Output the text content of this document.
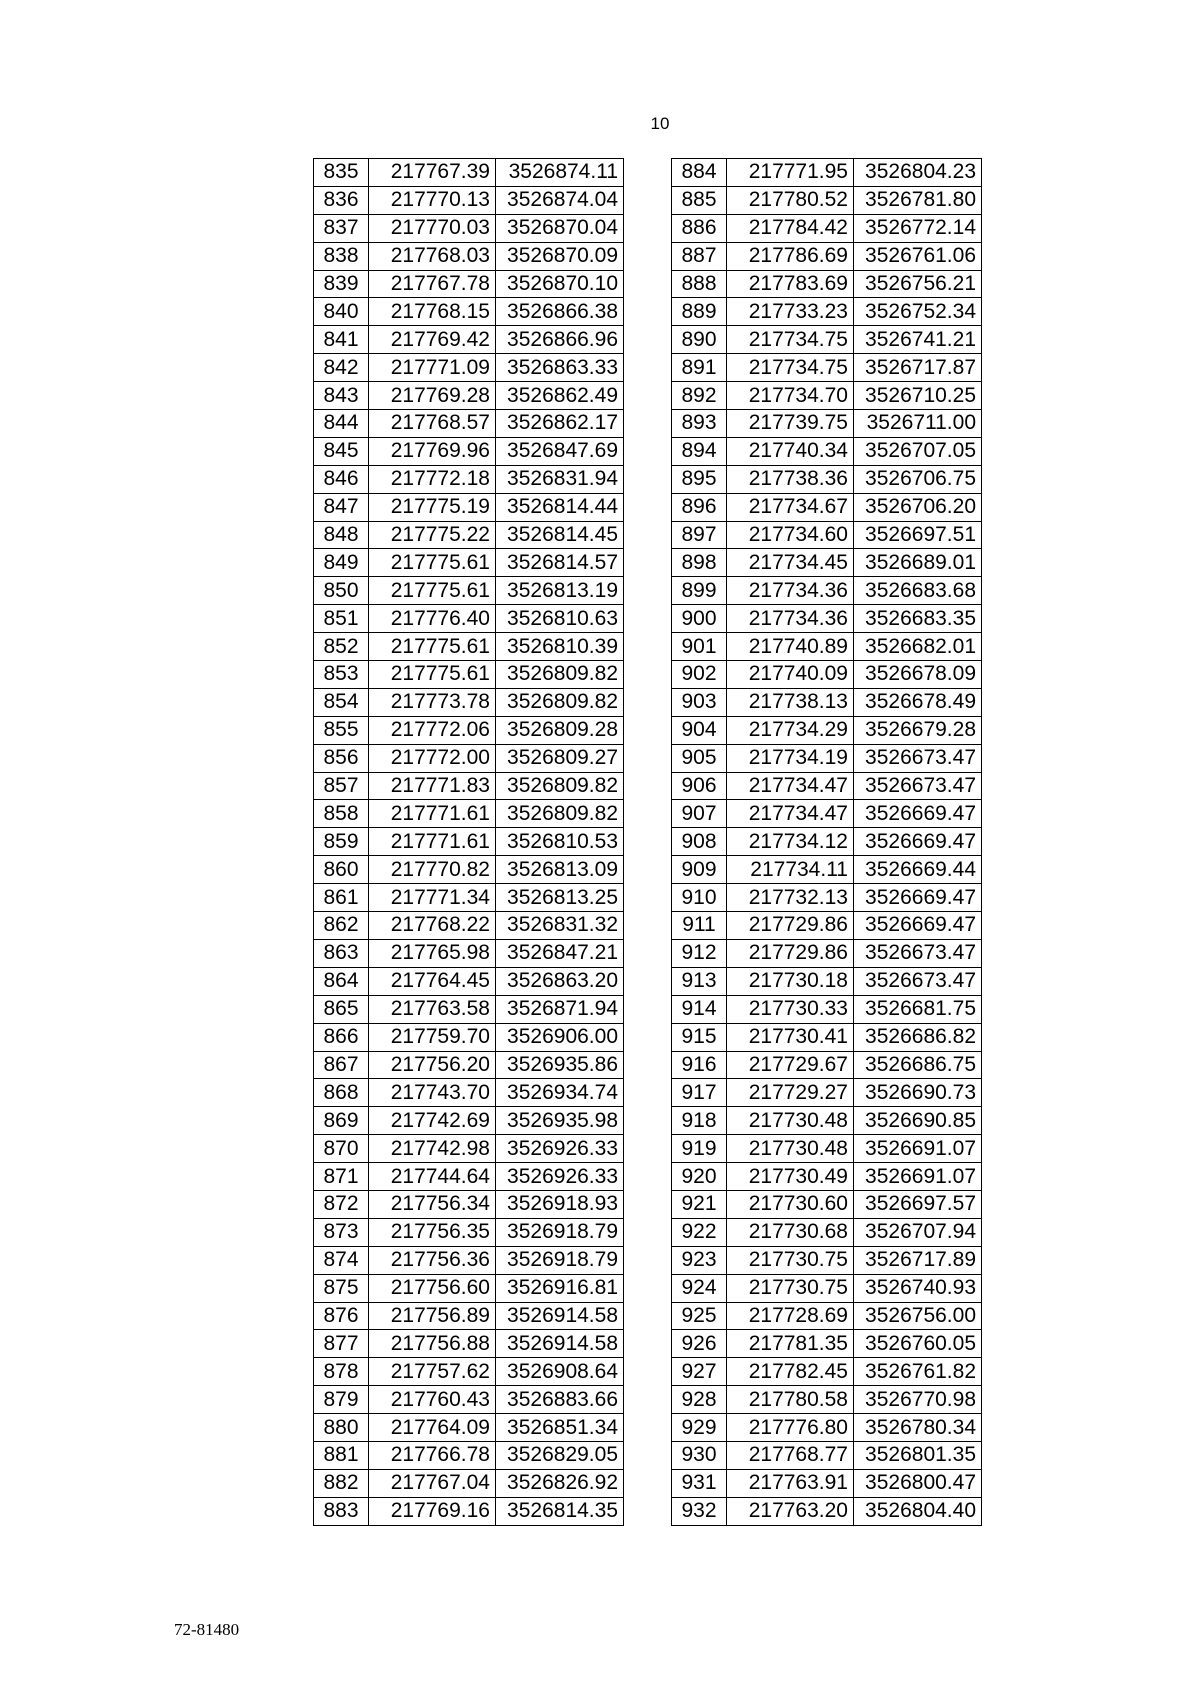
10
835	217767.39	3526874.11
836	217770.13	3526874.04
837	217770.03	3526870.04
838	217768.03	3526870.09
839	217767.78	3526870.10
840	217768.15	3526866.38
841	217769.42	3526866.96
842	217771.09	3526863.33
843	217769.28	3526862.49
844	217768.57	3526862.17
845	217769.96	3526847.69
846	217772.18	3526831.94
847	217775.19	3526814.44
848	217775.22	3526814.45
849	217775.61	3526814.57
850	217775.61	3526813.19
851	217776.40	3526810.63
852	217775.61	3526810.39
853	217775.61	3526809.82
854	217773.78	3526809.82
855	217772.06	3526809.28
856	217772.00	3526809.27
857	217771.83	3526809.82
858	217771.61	3526809.82
859	217771.61	3526810.53
860	217770.82	3526813.09
861	217771.34	3526813.25
862	217768.22	3526831.32
863	217765.98	3526847.21
864	217764.45	3526863.20
865	217763.58	3526871.94
866	217759.70	3526906.00
867	217756.20	3526935.86
868	217743.70	3526934.74
869	217742.69	3526935.98
870	217742.98	3526926.33
871	217744.64	3526926.33
872	217756.34	3526918.93
873	217756.35	3526918.79
874	217756.36	3526918.79
875	217756.60	3526916.81
876	217756.89	3526914.58
877	217756.88	3526914.58
878	217757.62	3526908.64
879	217760.43	3526883.66
880	217764.09	3526851.34
881	217766.78	3526829.05
882	217767.04	3526826.92
883	217769.16	3526814.35
884	217771.95	3526804.23
885	217780.52	3526781.80
886	217784.42	3526772.14
887	217786.69	3526761.06
888	217783.69	3526756.21
889	217733.23	3526752.34
890	217734.75	3526741.21
891	217734.75	3526717.87
892	217734.70	3526710.25
893	217739.75	3526711.00
894	217740.34	3526707.05
895	217738.36	3526706.75
896	217734.67	3526706.20
897	217734.60	3526697.51
898	217734.45	3526689.01
899	217734.36	3526683.68
900	217734.36	3526683.35
901	217740.89	3526682.01
902	217740.09	3526678.09
903	217738.13	3526678.49
904	217734.29	3526679.28
905	217734.19	3526673.47
906	217734.47	3526673.47
907	217734.47	3526669.47
908	217734.12	3526669.47
909	217734.11	3526669.44
910	217732.13	3526669.47
911	217729.86	3526669.47
912	217729.86	3526673.47
913	217730.18	3526673.47
914	217730.33	3526681.75
915	217730.41	3526686.82
916	217729.67	3526686.75
917	217729.27	3526690.73
918	217730.48	3526690.85
919	217730.48	3526691.07
920	217730.49	3526691.07
921	217730.60	3526697.57
922	217730.68	3526707.94
923	217730.75	3526717.89
924	217730.75	3526740.93
925	217728.69	3526756.00
926	217781.35	3526760.05
927	217782.45	3526761.82
928	217780.58	3526770.98
929	217776.80	3526780.34
930	217768.77	3526801.35
931	217763.91	3526800.47
932	217763.20	3526804.40
72-81480
